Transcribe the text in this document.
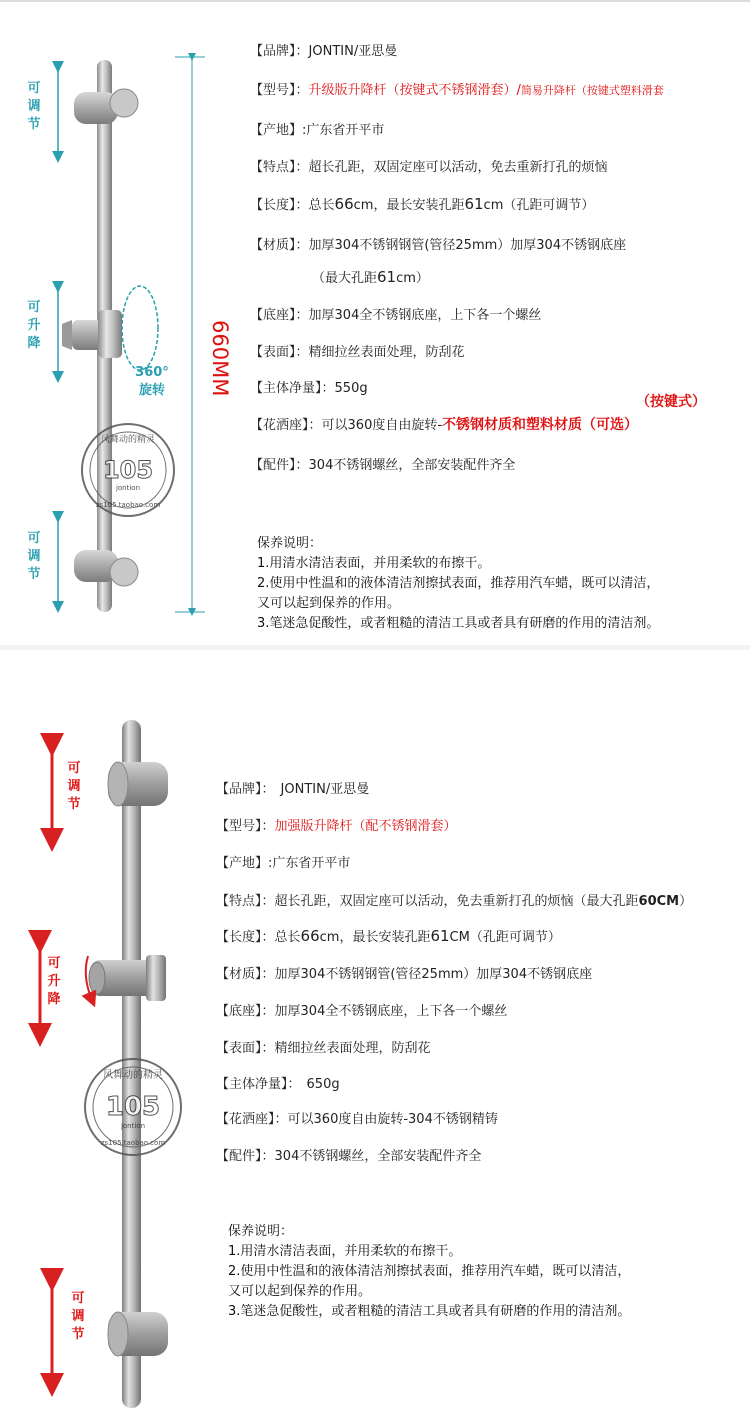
可
调
节
可
升
降
可
调
节
360°
旋转
105
jontion
风舞动的精灵
zs105.taobao.com
660MM
【品牌】：JONTIN/亚思曼
【型号】：升级版升降杆（按键式不锈钢滑套）/简易升降杆（按键式塑料滑套
【产地】:广东省开平市
【特点】：超长孔距，双固定座可以活动，免去重新打孔的烦恼
【长度】：总长66cm，最长安装孔距61cm（孔距可调节）
【材质】：加厚304不锈钢钢管(管径25mm）加厚304不锈钢底座
（最大孔距61cm）
【底座】：加厚304全不锈钢底座，上下各一个螺丝
【表面】：精细拉丝表面处理，防刮花
【主体净量】：550g
（按键式）
【花洒座】：可以360度自由旋转-不锈钢材质和塑料材质（可选）
【配件】：304不锈钢螺丝，全部安装配件齐全
保养说明：
1.用清水清洁表面，并用柔软的布擦干。
2.使用中性温和的液体清洁剂擦拭表面，推荐用汽车蜡，既可以清洁，
又可以起到保养的作用。
3.笔迷急促酸性，或者粗糙的清洁工具或者具有研磨的作用的清洁剂。
可
调
节
可
升
降
可
调
节
105
jontion
风舞动的精灵
zs105.taobao.com
【品牌】： JONTIN/亚思曼
【型号】：加强版升降杆（配不锈钢滑套）
【产地】:广东省开平市
【特点】：超长孔距，双固定座可以活动，免去重新打孔的烦恼（最大孔距60CM）
【长度】：总长66cm，最长安装孔距61CM（孔距可调节）
【材质】：加厚304不锈钢钢管(管径25mm）加厚304不锈钢底座
【底座】：加厚304全不锈钢底座，上下各一个螺丝
【表面】：精细拉丝表面处理，防刮花
【主体净量】： 650g
【花洒座】：可以360度自由旋转-304不锈钢精铸
【配件】：304不锈钢螺丝，全部安装配件齐全
保养说明：
1.用清水清洁表面，并用柔软的布擦干。
2.使用中性温和的液体清洁剂擦拭表面，推荐用汽车蜡，既可以清洁，
又可以起到保养的作用。
3.笔迷急促酸性，或者粗糙的清洁工具或者具有研磨的作用的清洁剂。
